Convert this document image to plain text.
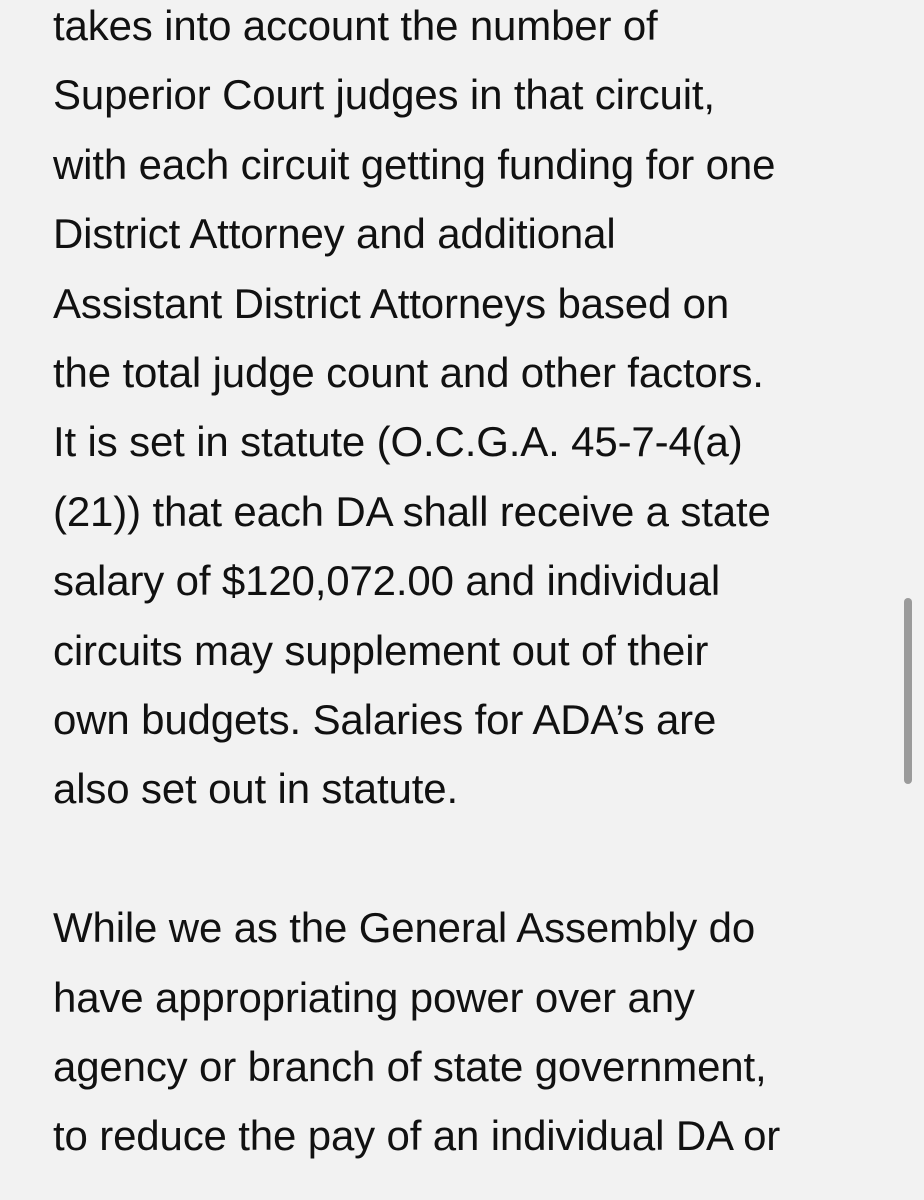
takes into account the number of
Superior Court judges in that circuit,
with each circuit getting funding for one
District Attorney and additional
Assistant District Attorneys based on
the total judge count and other factors.
It is set in statute (O.C.G.A. 45-7-4(a)
(21)) that each DA shall receive a state
salary of $120,072.00 and individual
circuits may supplement out of their
own budgets. Salaries for ADA’s are
also set out in statute.
While we as the General Assembly do
have appropriating power over any
agency or branch of state government,
to reduce the pay of an individual DA or
